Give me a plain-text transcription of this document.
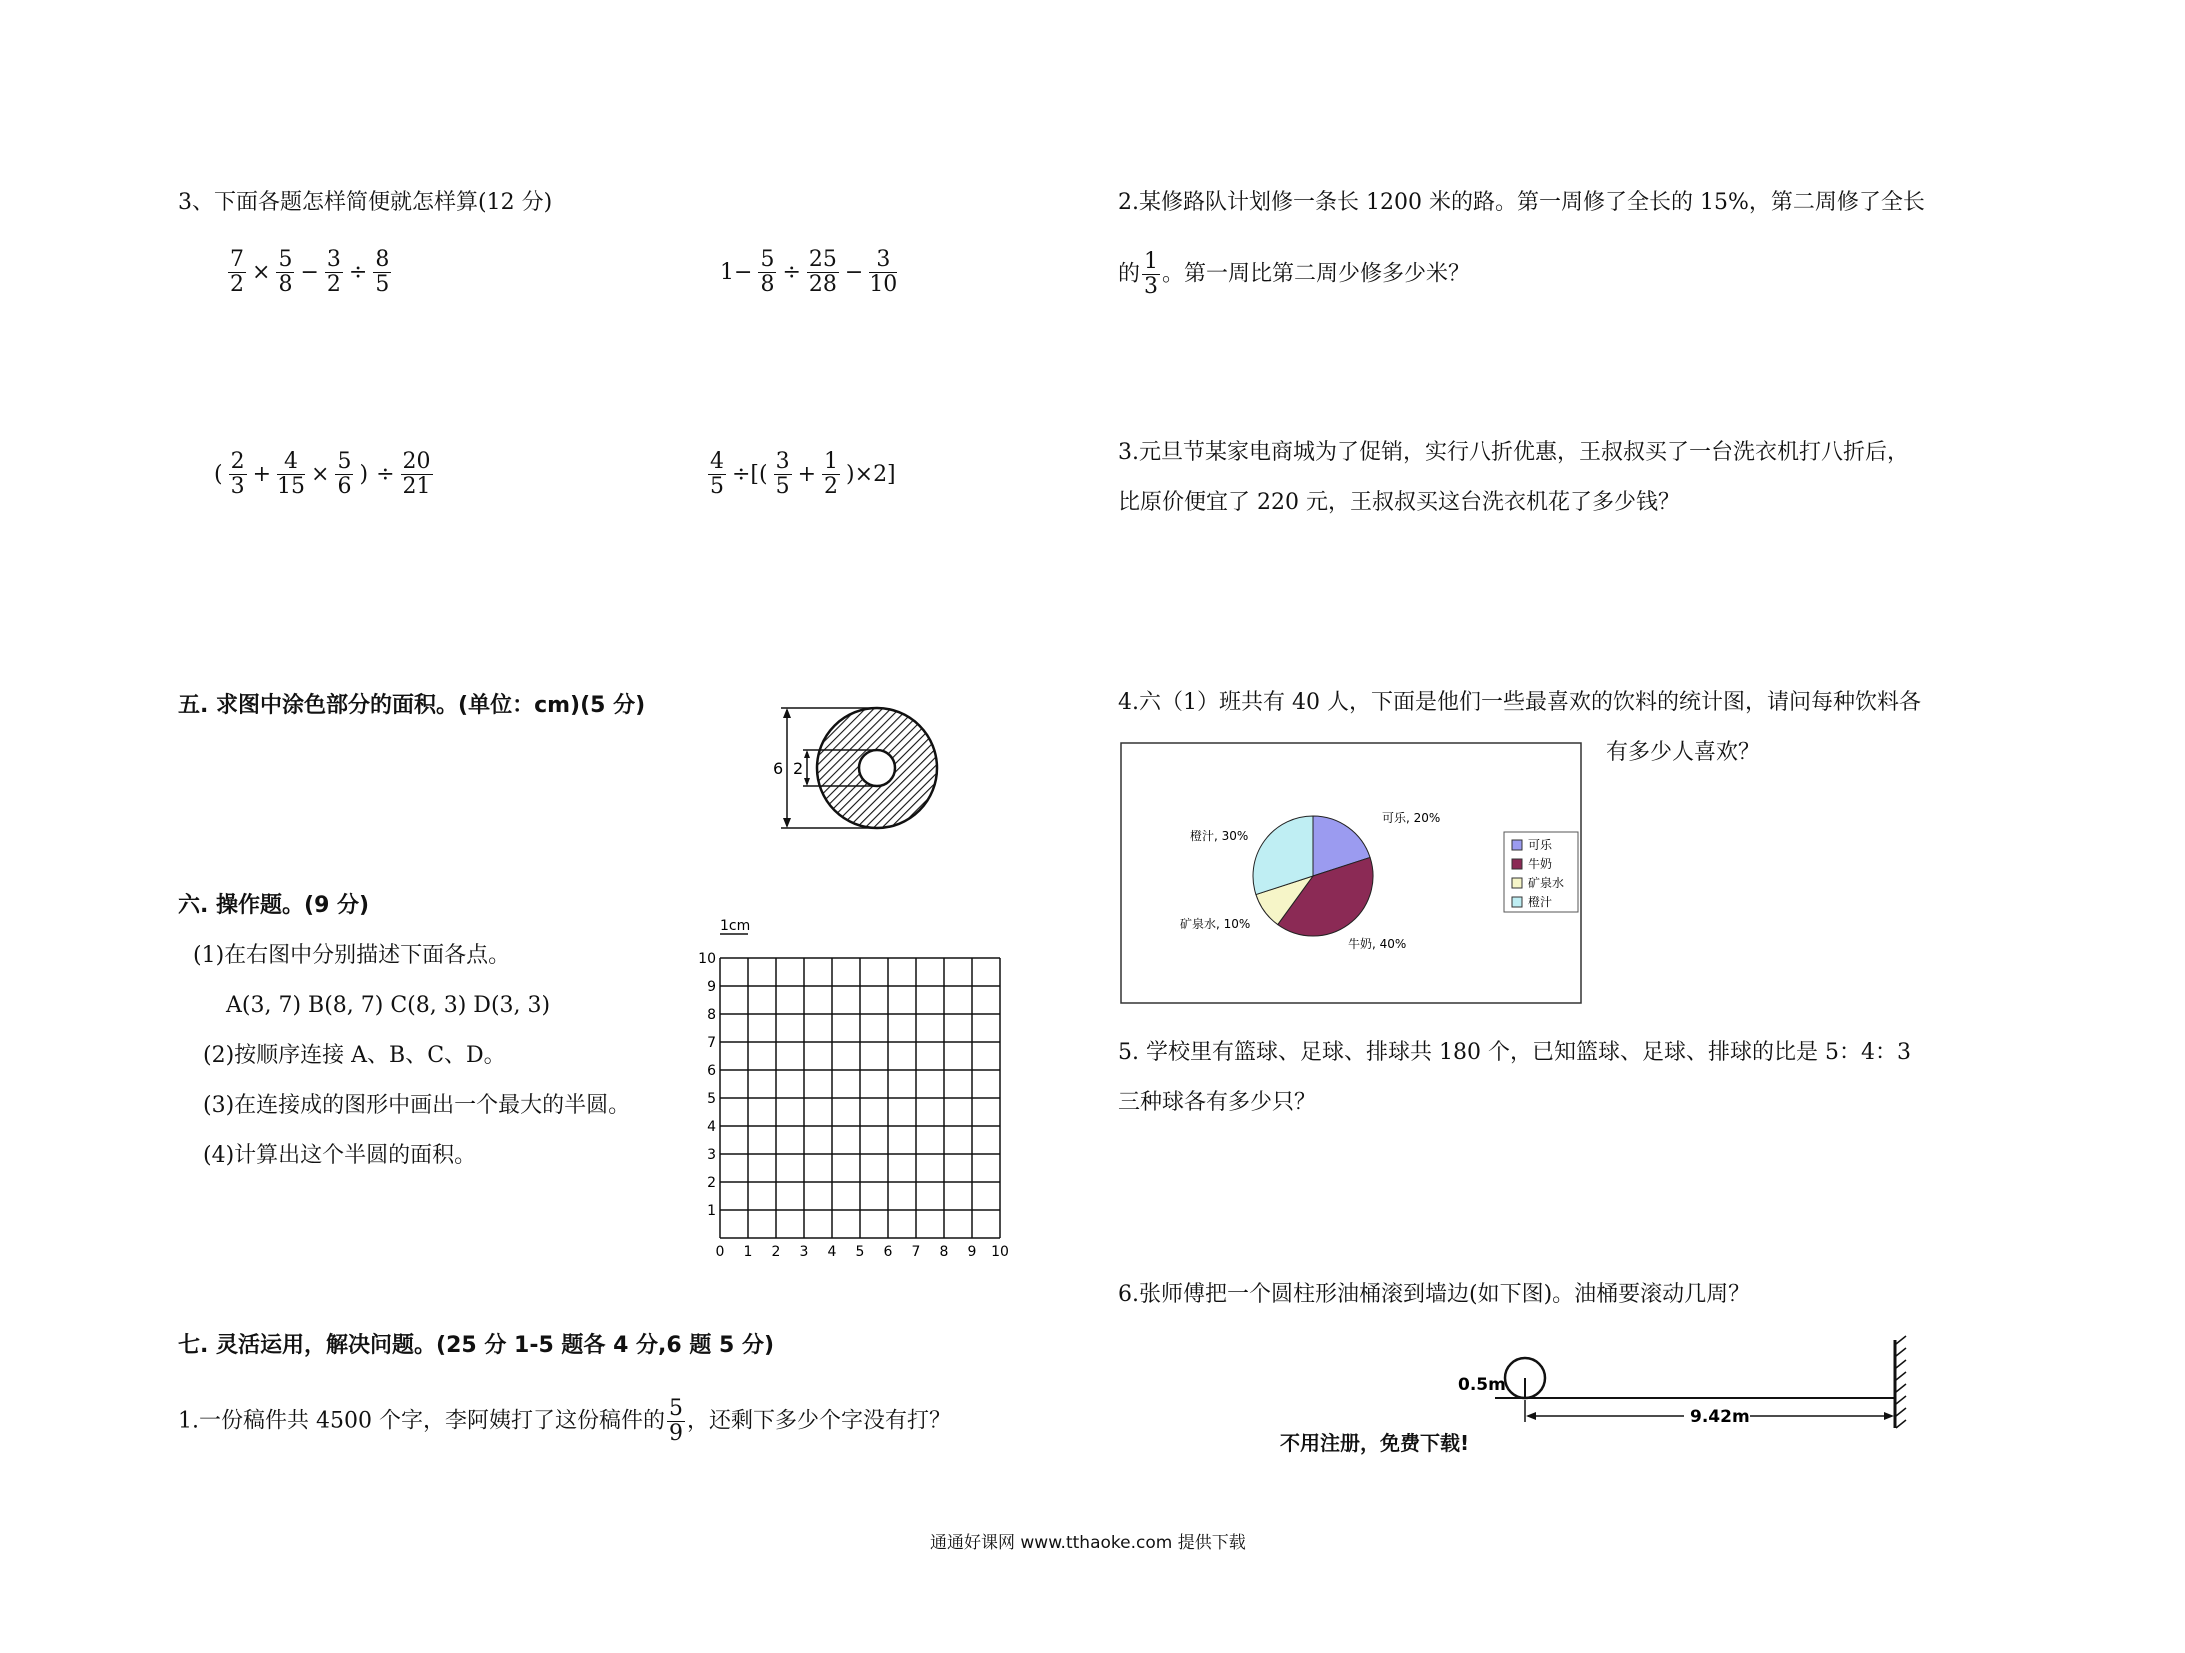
3、下面各题怎样简便就怎样算(12 分)
$\frac{7}{2} \times \frac{5}{8} - \frac{3}{2} \div \frac{8}{5}$	$1- \frac{5}{8} \div \frac{25}{28} - \frac{3}{10}$
( $\frac{2}{3} + \frac{4}{15} \times \frac{5}{6}$ ) ÷ $\frac{20}{21}$	$\frac{4}{5}$ ÷[( $\frac{3}{5} + \frac{1}{2} )\times 2$]
五. 求图中涂色部分的面积。(单位：cm)(5 分)
6 2
六. 操作题。(9 分)
(1)在右图中分别描述下面各点。
A(3, 7) B(8, 7) C(8, 3) D(3, 3)
(2)按顺序连接 A、B、C、D。
(3)在连接成的图形中画出一个最大的半圆。
(4)计算出这个半圆的面积。
1cm
0 1 2 3 4 5 6 7 8 9 10
1
2
3
4
5
6
7
8
9
10
七. 灵活运用，解决问题。(25 分 1-5 题各 4 分,6 题 5 分)
1.一份稿件共 4500 个字，李阿姨打了这份稿件的 $\frac{5}{9}$ ，还剩下多少个字没有打？
2.某修路队计划修一条长 1200 米的路。第一周修了全长的 15%，第二周修了全长
的 $\frac{1}{3}$ 。第一周比第二周少修多少米？
3.元旦节某家电商城为了促销，实行八折优惠，王叔叔买了一台洗衣机打八折后，
比原价便宜了 220 元，王叔叔买这台洗衣机花了多少钱？
4.六（1）班共有 40 人，下面是他们一些最喜欢的饮料的统计图，请问每种饮料各
有多少人喜欢？
可乐, 20%
牛奶, 40%
矿泉水, 10%
橙汁, 30%
可乐
牛奶
矿泉水
橙汁
5. 学校里有篮球、足球、排球共 180 个，已知篮球、足球、排球的比是 5：4：3
三种球各有多少只？
6.张师傅把一个圆柱形油桶滚到墙边(如下图)。油桶要滚动几周？
0.5m
9.42m
不用注册，免费下载!
通通好课网 www.tthaoke.com 提供下载
